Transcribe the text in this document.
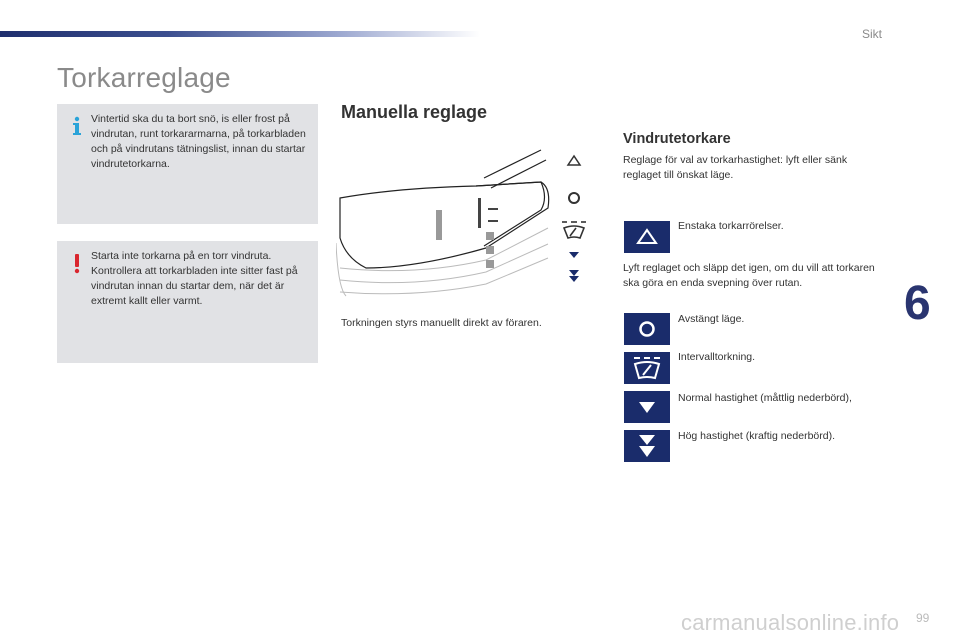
Sikt
Torkarreglage
Vintertid ska du ta bort snö, is eller frost på vindrutan, runt torkararmarna, på torkarbladen och på vindrutans tätningslist, innan du startar vindrutetorkarna.
Starta inte torkarna på en torr vindruta. Kontrollera att torkarbladen inte sitter fast på vindrutan innan du startar dem, när det är extremt kallt eller varmt.
Manuella reglage
Torkningen styrs manuellt direkt av föraren.
Vindrutetorkare
Reglage för val av torkarhastighet: lyft eller sänk reglaget till önskat läge.
Enstaka torkarrörelser.
Lyft reglaget och släpp det igen, om du vill att torkaren ska göra en enda svepning över rutan.
Avstängt läge.
Intervalltorkning.
Normal hastighet (måttlig nederbörd),
Hög hastighet (kraftig nederbörd).
6
carmanualsonline.info 99
